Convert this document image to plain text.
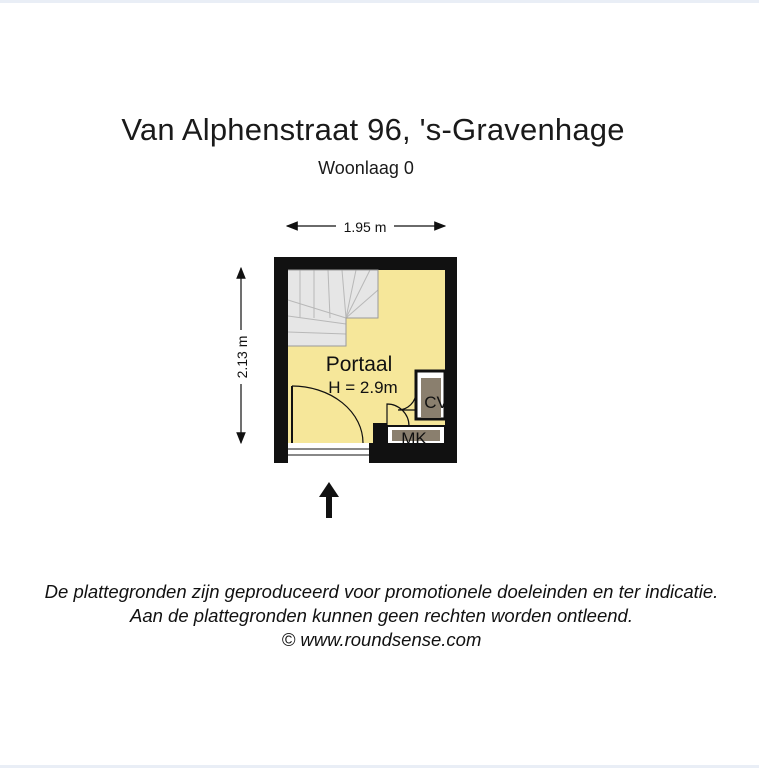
Van Alphenstraat 96, 's-Gravenhage
Woonlaag 0
1.95 m
2.13 m	Portaal
H = 2.9m
CV
MK
De plattegronden zijn geproduceerd voor promotionele doeleinden en ter indicatie.
Aan de plattegronden kunnen geen rechten worden ontleend.
© www.roundsense.com
